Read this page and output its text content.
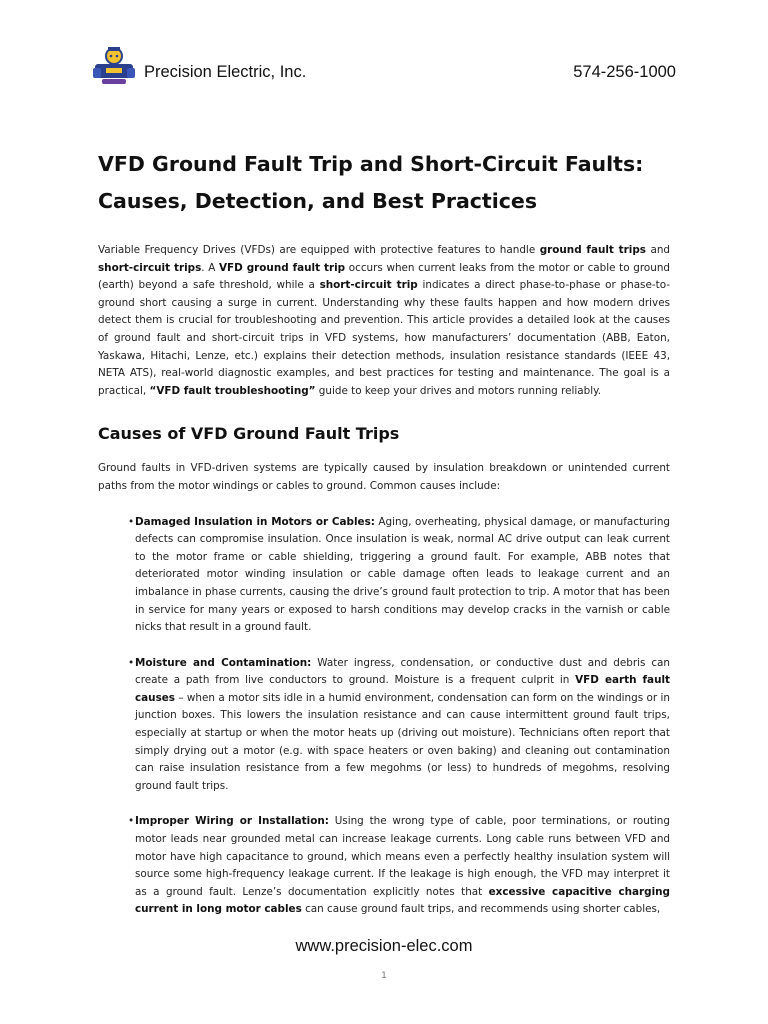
Precision Electric, Inc.	574-256-1000
VFD Ground Fault Trip and Short-Circuit Faults:
Causes, Detection, and Best Practices

Variable Frequency Drives (VFDs) are equipped with protective features to handle ground fault trips and short-circuit trips. A VFD ground fault trip occurs when current leaks from the motor or cable to ground (earth) beyond a safe threshold, while a short-circuit trip indicates a direct phase-to-phase or phase-to-ground short causing a surge in current. Understanding why these faults happen and how modern drives detect them is crucial for troubleshooting and prevention. This article provides a detailed look at the causes of ground fault and short-circuit trips in VFD systems, how manufacturers’ documentation (ABB, Eaton, Yaskawa, Hitachi, Lenze, etc.) explains their detection methods, insulation resistance standards (IEEE 43, NETA ATS), real-world diagnostic examples, and best practices for testing and maintenance. The goal is a practical, “VFD fault troubleshooting” guide to keep your drives and motors running reliably.

Causes of VFD Ground Fault Trips

Ground faults in VFD-driven systems are typically caused by insulation breakdown or unintended current paths from the motor windings or cables to ground. Common causes include:

• Damaged Insulation in Motors or Cables: Aging, overheating, physical damage, or manufacturing defects can compromise insulation. Once insulation is weak, normal AC drive output can leak current to the motor frame or cable shielding, triggering a ground fault. For example, ABB notes that deteriorated motor winding insulation or cable damage often leads to leakage current and an imbalance in phase currents, causing the drive’s ground fault protection to trip. A motor that has been in service for many years or exposed to harsh conditions may develop cracks in the varnish or cable nicks that result in a ground fault.
• Moisture and Contamination: Water ingress, condensation, or conductive dust and debris can create a path from live conductors to ground. Moisture is a frequent culprit in VFD earth fault causes – when a motor sits idle in a humid environment, condensation can form on the windings or in junction boxes. This lowers the insulation resistance and can cause intermittent ground fault trips, especially at startup or when the motor heats up (driving out moisture). Technicians often report that simply drying out a motor (e.g. with space heaters or oven baking) and cleaning out contamination can raise insulation resistance from a few megohms (or less) to hundreds of megohms, resolving ground fault trips.
• Improper Wiring or Installation: Using the wrong type of cable, poor terminations, or routing motor leads near grounded metal can increase leakage currents. Long cable runs between VFD and motor have high capacitance to ground, which means even a perfectly healthy insulation system will source some high-frequency leakage current. If the leakage is high enough, the VFD may interpret it as a ground fault. Lenze’s documentation explicitly notes that excessive capacitive charging current in long motor cables can cause ground fault trips, and recommends using shorter cables,
www.precision-elec.com
1
